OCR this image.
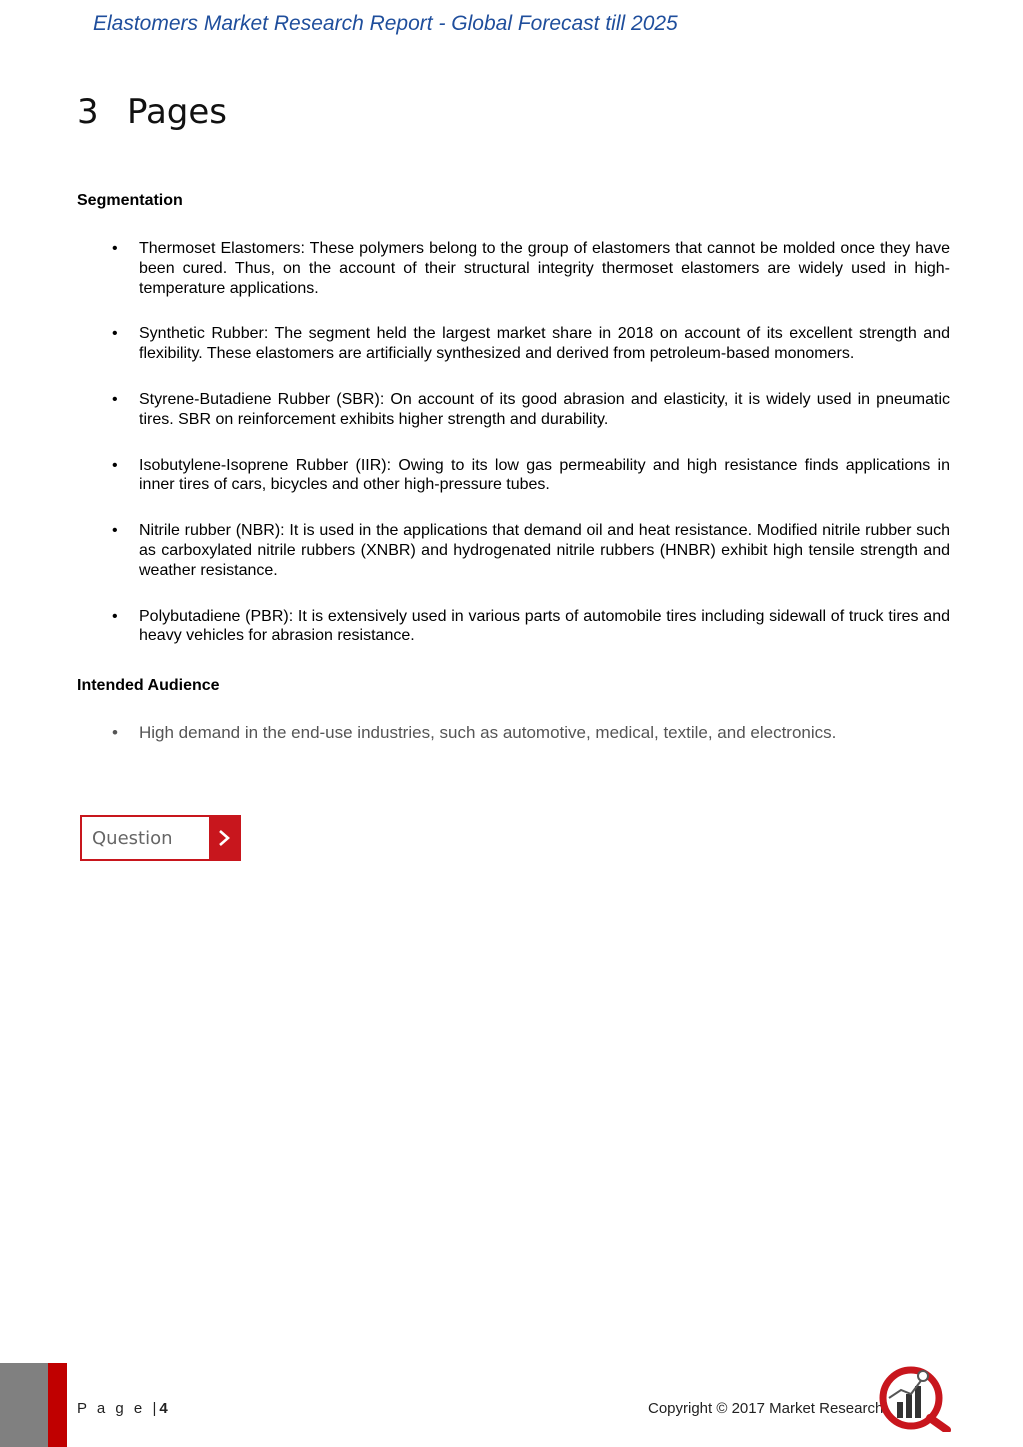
Elastomers Market Research Report - Global Forecast till 2025
3 Pages
Segmentation
• Thermoset Elastomers: These polymers belong to the group of elastomers that cannot be molded once they have been cured. Thus, on the account of their structural integrity thermoset elastomers are widely used in high-temperature applications.
• Synthetic Rubber: The segment held the largest market share in 2018 on account of its excellent strength and flexibility. These elastomers are artificially synthesized and derived from petroleum-based monomers.
• Styrene-Butadiene Rubber (SBR): On account of its good abrasion and elasticity, it is widely used in pneumatic tires. SBR on reinforcement exhibits higher strength and durability.
• Isobutylene-Isoprene Rubber (IIR): Owing to its low gas permeability and high resistance finds applications in inner tires of cars, bicycles and other high-pressure tubes.
• Nitrile rubber (NBR): It is used in the applications that demand oil and heat resistance. Modified nitrile rubber such as carboxylated nitrile rubbers (XNBR) and hydrogenated nitrile rubbers (HNBR) exhibit high tensile strength and weather resistance.
• Polybutadiene (PBR): It is extensively used in various parts of automobile tires including sidewall of truck tires and heavy vehicles for abrasion resistance.
Intended Audience
• High demand in the end-use industries, such as automotive, medical, textile, and electronics.
Question
P a g e |4	Copyright © 2017 Market Research
